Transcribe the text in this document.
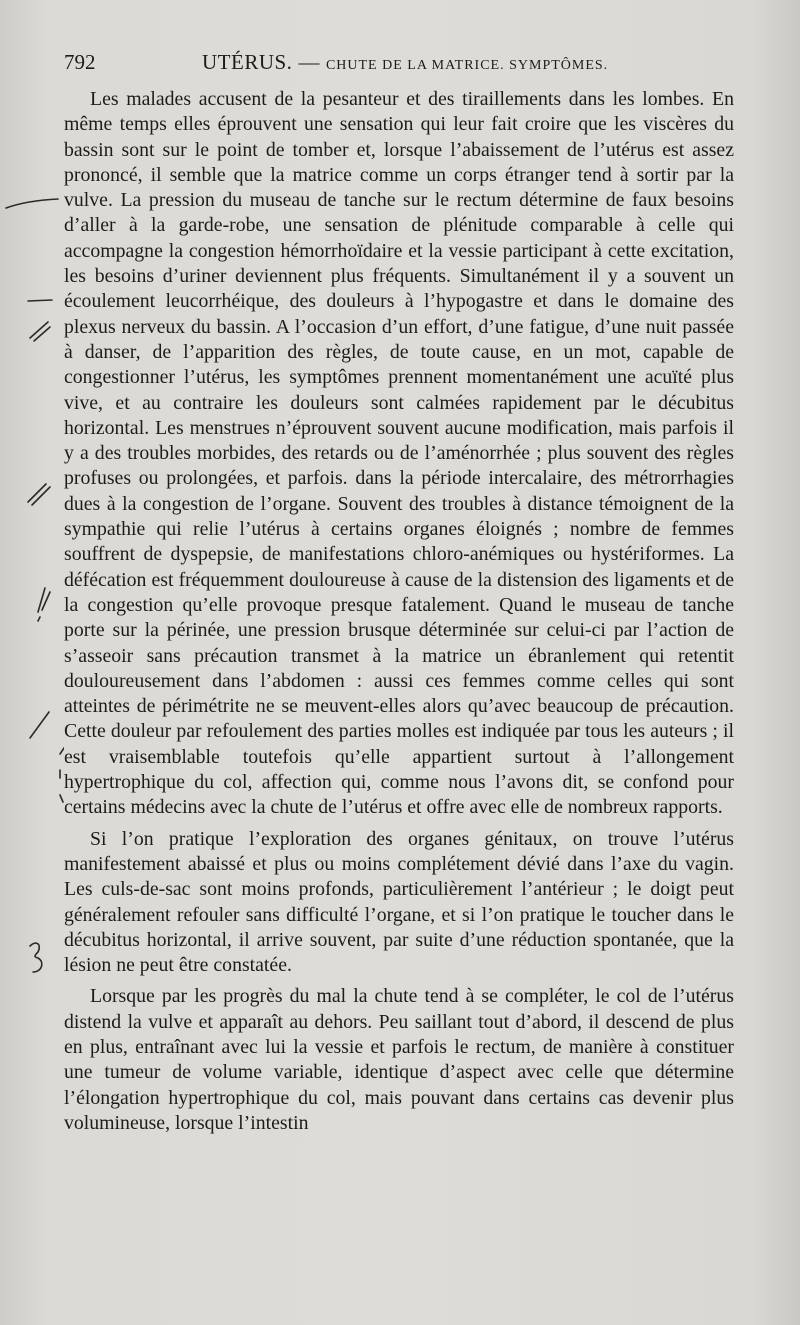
792	UTÉRUS. — CHUTE DE LA MATRICE. SYMPTÔMES.

Les malades accusent de la pesanteur et des tiraillements dans les lombes. En même temps elles éprouvent une sensation qui leur fait croire que les viscères du bassin sont sur le point de tomber et, lorsque l’abaissement de l’utérus est assez prononcé, il semble que la matrice comme un corps étranger tend à sortir par la vulve. La pression du museau de tanche sur le rectum détermine de faux besoins d’aller à la garde-robe, une sensation de plénitude comparable à celle qui accompagne la congestion hémorrhoïdaire et la vessie participant à cette excitation, les besoins d’uriner deviennent plus fréquents. Simultanément il y a souvent un écoulement leucorrhéique, des douleurs à l’hypogastre et dans le domaine des plexus nerveux du bassin. A l’occasion d’un effort, d’une fatigue, d’une nuit passée à danser, de l’apparition des règles, de toute cause, en un mot, capable de congestionner l’utérus, les symptômes prennent momentanément une acuïté plus vive, et au contraire les douleurs sont calmées rapidement par le décubitus horizontal. Les menstrues n’éprouvent souvent aucune modification, mais parfois il y a des troubles morbides, des retards ou de l’aménorrhée ; plus souvent des règles profuses ou prolongées, et parfois. dans la période intercalaire, des métrorrhagies dues à la congestion de l’organe. Souvent des troubles à distance témoignent de la sympathie qui relie l’utérus à certains organes éloignés ; nombre de femmes souffrent de dyspepsie, de manifestations chloro-anémiques ou hystériformes. La défécation est fréquemment douloureuse à cause de la distension des ligaments et de la congestion qu’elle provoque presque fatalement. Quand le museau de tanche porte sur la périnée, une pression brusque déterminée sur celui-ci par l’action de s’asseoir sans précaution transmet à la matrice un ébranlement qui retentit douloureusement dans l’abdomen : aussi ces femmes comme celles qui sont atteintes de périmétrite ne se meuvent-elles alors qu’avec beaucoup de précaution. Cette douleur par refoulement des parties molles est indiquée par tous les auteurs ; il est vraisemblable toutefois qu’elle appartient surtout à l’allongement hypertrophique du col, affection qui, comme nous l’avons dit, se confond pour certains médecins avec la chute de l’utérus et offre avec elle de nombreux rapports.

Si l’on pratique l’exploration des organes génitaux, on trouve l’utérus manifestement abaissé et plus ou moins complétement dévié dans l’axe du vagin. Les culs-de-sac sont moins profonds, particulièrement l’antérieur ; le doigt peut généralement refouler sans difficulté l’organe, et si l’on pratique le toucher dans le décubitus horizontal, il arrive souvent, par suite d’une réduction spontanée, que la lésion ne peut être constatée.

Lorsque par les progrès du mal la chute tend à se compléter, le col de l’utérus distend la vulve et apparaît au dehors. Peu saillant tout d’abord, il descend de plus en plus, entraînant avec lui la vessie et parfois le rectum, de manière à constituer une tumeur de volume variable, identique d’aspect avec celle que détermine l’élongation hypertrophique du col, mais pouvant dans certains cas devenir plus volumineuse, lorsque l’intestin
